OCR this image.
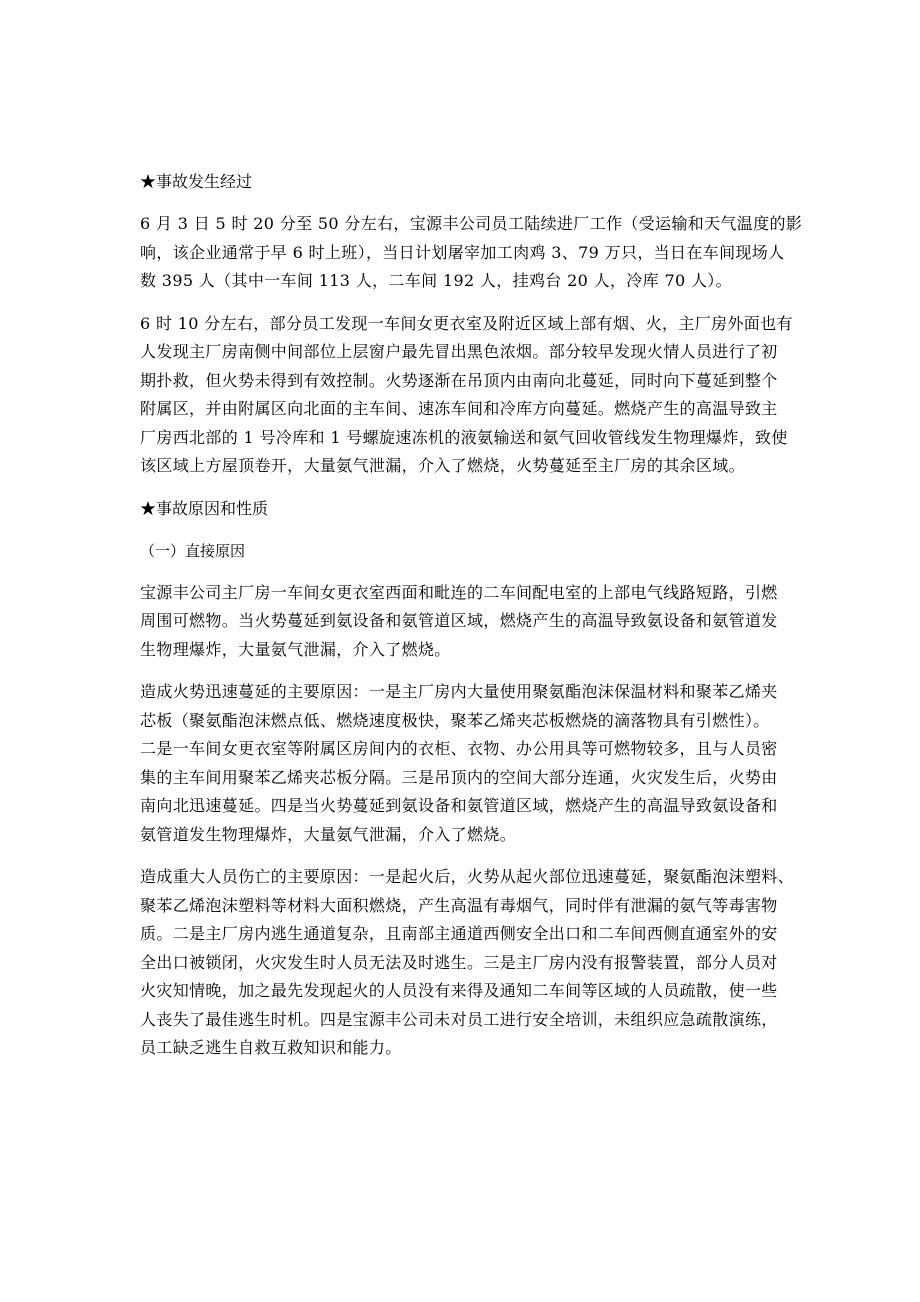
★事故发生经过
6 月 3 日 5 时 20 分至 50 分左右，宝源丰公司员工陆续进厂工作（受运输和天气温度的影
响，该企业通常于早 6 时上班），当日计划屠宰加工肉鸡 3、79 万只，当日在车间现场人
数 395 人（其中一车间 113 人，二车间 192 人，挂鸡台 20 人，冷库 70 人）。
6 时 10 分左右，部分员工发现一车间女更衣室及附近区域上部有烟、火，主厂房外面也有
人发现主厂房南侧中间部位上层窗户最先冒出黑色浓烟。部分较早发现火情人员进行了初
期扑救，但火势未得到有效控制。火势逐渐在吊顶内由南向北蔓延，同时向下蔓延到整个
附属区，并由附属区向北面的主车间、速冻车间和冷库方向蔓延。燃烧产生的高温导致主
厂房西北部的 1 号冷库和 1 号螺旋速冻机的液氨输送和氨气回收管线发生物理爆炸，致使
该区域上方屋顶卷开，大量氨气泄漏，介入了燃烧，火势蔓延至主厂房的其余区域。
★事故原因和性质
（一）直接原因
宝源丰公司主厂房一车间女更衣室西面和毗连的二车间配电室的上部电气线路短路，引燃
周围可燃物。当火势蔓延到氨设备和氨管道区域，燃烧产生的高温导致氨设备和氨管道发
生物理爆炸，大量氨气泄漏，介入了燃烧。
造成火势迅速蔓延的主要原因：一是主厂房内大量使用聚氨酯泡沫保温材料和聚苯乙烯夹
芯板（聚氨酯泡沫燃点低、燃烧速度极快，聚苯乙烯夹芯板燃烧的滴落物具有引燃性）。
二是一车间女更衣室等附属区房间内的衣柜、衣物、办公用具等可燃物较多，且与人员密
集的主车间用聚苯乙烯夹芯板分隔。三是吊顶内的空间大部分连通，火灾发生后，火势由
南向北迅速蔓延。四是当火势蔓延到氨设备和氨管道区域，燃烧产生的高温导致氨设备和
氨管道发生物理爆炸，大量氨气泄漏，介入了燃烧。
造成重大人员伤亡的主要原因：一是起火后，火势从起火部位迅速蔓延，聚氨酯泡沫塑料、
聚苯乙烯泡沫塑料等材料大面积燃烧，产生高温有毒烟气，同时伴有泄漏的氨气等毒害物
质。二是主厂房内逃生通道复杂，且南部主通道西侧安全出口和二车间西侧直通室外的安
全出口被锁闭，火灾发生时人员无法及时逃生。三是主厂房内没有报警装置，部分人员对
火灾知情晚，加之最先发现起火的人员没有来得及通知二车间等区域的人员疏散，使一些
人丧失了最佳逃生时机。四是宝源丰公司未对员工进行安全培训，未组织应急疏散演练，
员工缺乏逃生自救互救知识和能力。
